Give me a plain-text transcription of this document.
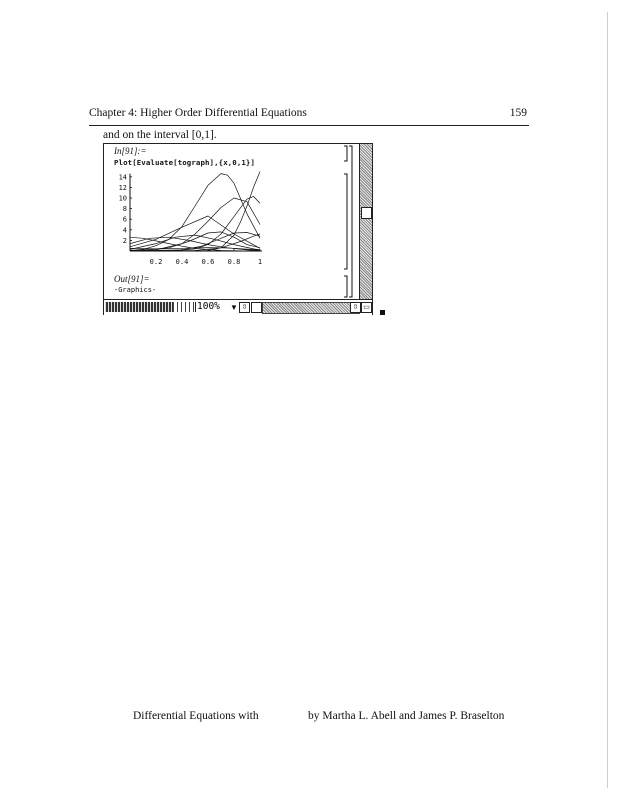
Chapter 4: Higher Order Differential Equations	159
and on the interval [0,1].
In[91]:=
Plot[Evaluate[tograph],{x,0,1}]
0.2 0.4 0.6 0.8	1
2
4
6
8
10
12
14
Out[91]=
-Graphics-
100% ▼ ⇳	⇳ ▭
Differential Equations with	by Martha L. Abell and James P. Braselton
